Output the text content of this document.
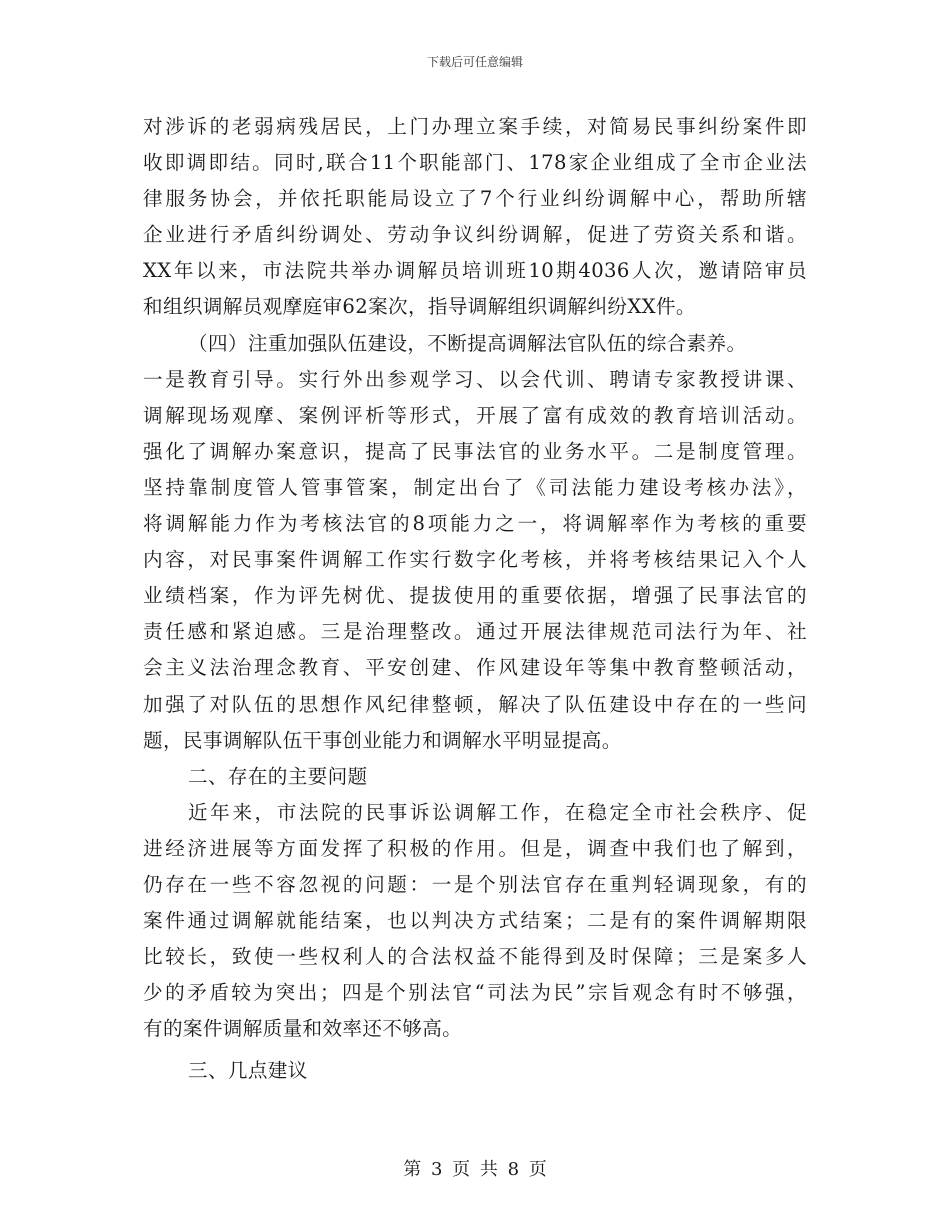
下载后可任意编辑
对涉诉的老弱病残居民，上门办理立案手续，对简易民事纠纷案件即
收即调即结。同时,联合11个职能部门、178家企业组成了全市企业法
律服务协会，并依托职能局设立了7个行业纠纷调解中心，帮助所辖
企业进行矛盾纠纷调处、劳动争议纠纷调解，促进了劳资关系和谐。
XX年以来，市法院共举办调解员培训班10期4036人次，邀请陪审员
和组织调解员观摩庭审62案次，指导调解组织调解纠纷XX件。
（四）注重加强队伍建设，不断提高调解法官队伍的综合素养。
一是教育引导。实行外出参观学习、以会代训、聘请专家教授讲课、
调解现场观摩、案例评析等形式，开展了富有成效的教育培训活动。
强化了调解办案意识，提高了民事法官的业务水平。二是制度管理。
坚持靠制度管人管事管案，制定出台了《司法能力建设考核办法》，
将调解能力作为考核法官的8项能力之一，将调解率作为考核的重要
内容，对民事案件调解工作实行数字化考核，并将考核结果记入个人
业绩档案，作为评先树优、提拔使用的重要依据，增强了民事法官的
责任感和紧迫感。三是治理整改。通过开展法律规范司法行为年、社
会主义法治理念教育、平安创建、作风建设年等集中教育整顿活动，
加强了对队伍的思想作风纪律整顿，解决了队伍建设中存在的一些问
题，民事调解队伍干事创业能力和调解水平明显提高。
二、存在的主要问题
近年来，市法院的民事诉讼调解工作，在稳定全市社会秩序、促
进经济进展等方面发挥了积极的作用。但是，调查中我们也了解到，
仍存在一些不容忽视的问题：一是个别法官存在重判轻调现象，有的
案件通过调解就能结案，也以判决方式结案；二是有的案件调解期限
比较长，致使一些权利人的合法权益不能得到及时保障；三是案多人
少的矛盾较为突出；四是个别法官“司法为民”宗旨观念有时不够强，
有的案件调解质量和效率还不够高。
三、几点建议
第 3 页 共 8 页
